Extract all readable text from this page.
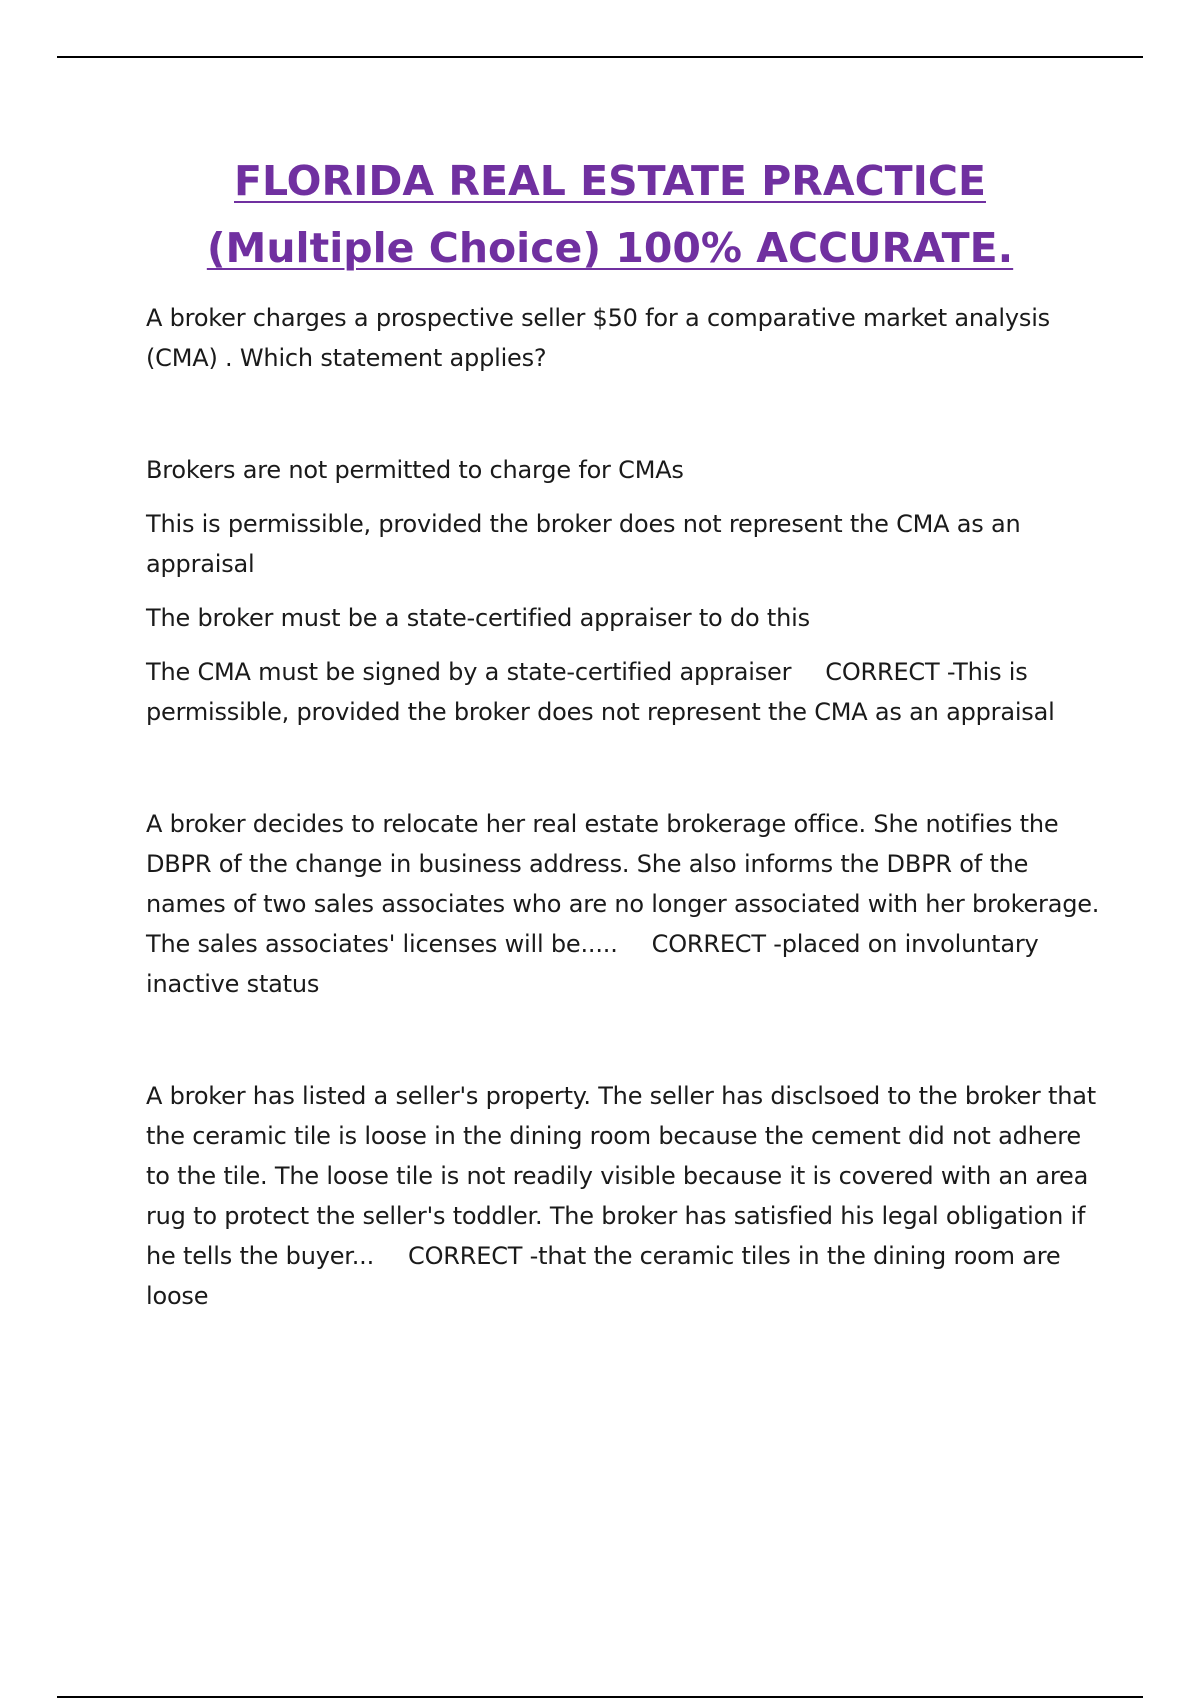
FLORIDA REAL ESTATE PRACTICE (Multiple Choice) 100% ACCURATE.

A broker charges a prospective seller $50 for a comparative market analysis (CMA) . Which statement applies?

Brokers are not permitted to charge for CMAs

This is permissible, provided the broker does not represent the CMA as an appraisal

The broker must be a state-certified appraiser to do this

The CMA must be signed by a state-certified appraiser CORRECT -This is permissible, provided the broker does not represent the CMA as an appraisal

A broker decides to relocate her real estate brokerage office. She notifies the DBPR of the change in business address. She also informs the DBPR of the names of two sales associates who are no longer associated with her brokerage. The sales associates' licenses will be..... CORRECT -placed on involuntary inactive status

A broker has listed a seller's property. The seller has disclsoed to the broker that the ceramic tile is loose in the dining room because the cement did not adhere to the tile. The loose tile is not readily visible because it is covered with an area rug to protect the seller's toddler. The broker has satisfied his legal obligation if he tells the buyer... CORRECT -that the ceramic tiles in the dining room are loose
